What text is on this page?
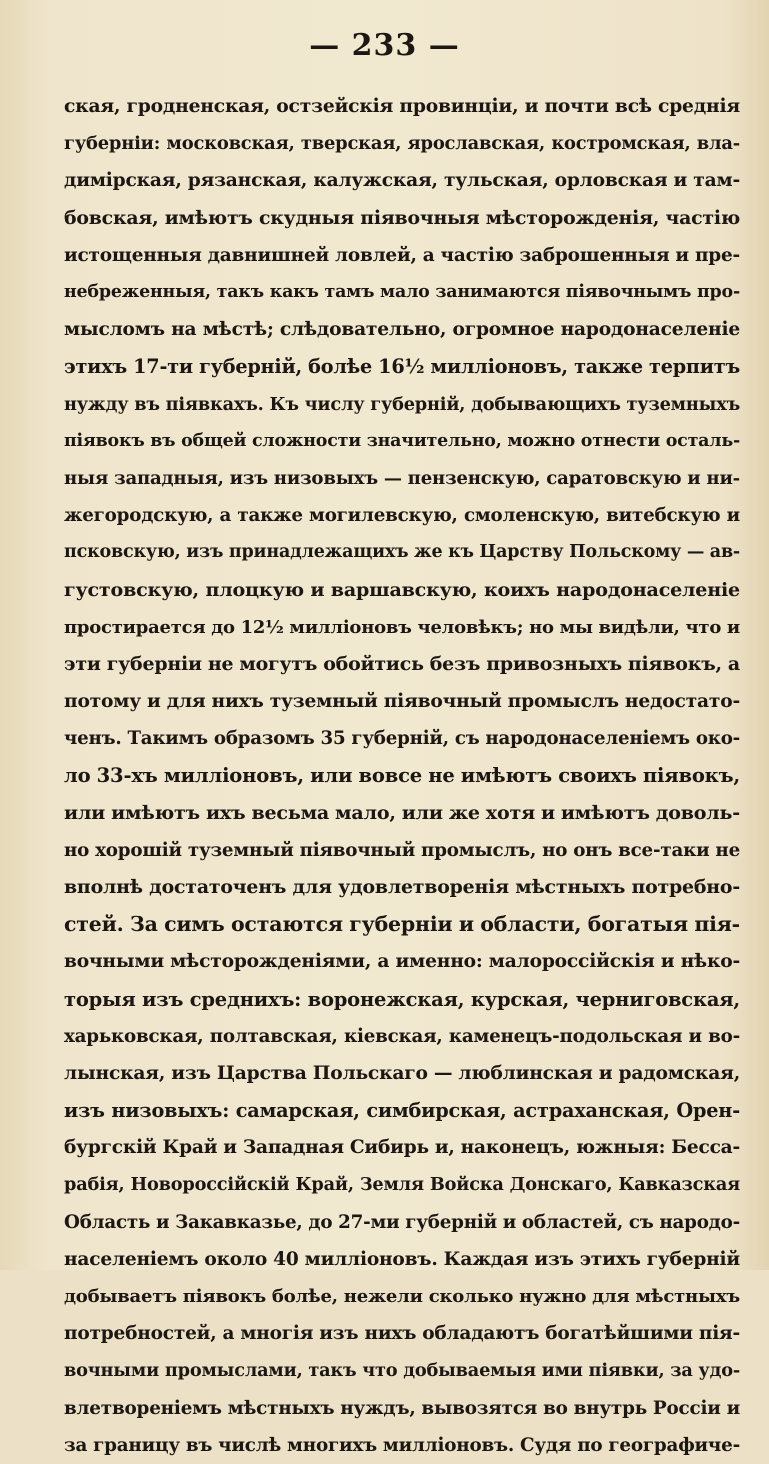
— 233 —
ская, гродненская, остзейскія провинціи, и почти всѣ среднія
губерніи: московская, тверская, ярославская, костромская, вла-
димірская, рязанская, калужская, тульская, орловская и там-
бовская, имѣютъ скудныя піявочныя мѣсторожденія, частію
истощенныя давнишней ловлей, а частію заброшенныя и пре-
небреженныя, такъ какъ тамъ мало занимаются піявочнымъ про-
мысломъ на мѣстѣ; слѣдовательно, огромное народонаселеніе
этихъ 17-ти губерній, болѣе 16½ милліоновъ, также терпитъ
нужду въ піявкахъ. Къ числу губерній, добывающихъ туземныхъ
піявокъ въ общей сложности значительно, можно отнести осталь-
ныя западныя, изъ низовыхъ — пензенскую, саратовскую и ни-
жегородскую, а также могилевскую, смоленскую, витебскую и
псковскую, изъ принадлежащихъ же къ Царству Польскому — ав-
густовскую, плоцкую и варшавскую, коихъ народонаселеніе
простирается до 12½ милліоновъ человѣкъ; но мы видѣли, что и
эти губерніи не могутъ обойтись безъ привозныхъ піявокъ, а
потому и для нихъ туземный піявочный промыслъ недостато-
ченъ. Такимъ образомъ 35 губерній, съ народонаселеніемъ око-
ло 33-хъ милліоновъ, или вовсе не имѣютъ своихъ піявокъ,
или имѣютъ ихъ весьма мало, или же хотя и имѣютъ доволь-
но хорошій туземный піявочный промыслъ, но онъ все-таки не
вполнѣ достаточенъ для удовлетворенія мѣстныхъ потребно-
стей. За симъ остаются губерніи и области, богатыя пія-
вочными мѣсторожденіями, а именно: малороссійскія и нѣко-
торыя изъ среднихъ: воронежская, курская, черниговская,
харьковская, полтавская, кіевская, каменецъ-подольская и во-
лынская, изъ Царства Польскаго — люблинская и радомская,
изъ низовыхъ: самарская, симбирская, астраханская, Орен-
бургскій Край и Западная Сибирь и, наконецъ, южныя: Бесса-
рабія, Новороссійскій Край, Земля Войска Донскаго, Кавказская
Область и Закавказье, до 27-ми губерній и областей, съ народо-
населеніемъ около 40 милліоновъ. Каждая изъ этихъ губерній
добываетъ піявокъ болѣе, нежели сколько нужно для мѣстныхъ
потребностей, а многія изъ нихъ обладаютъ богатѣйшими пія-
вочными промыслами, такъ что добываемыя ими піявки, за удо-
влетвореніемъ мѣстныхъ нуждъ, вывозятся во внутрь Россіи и
за границу въ числѣ многихъ милліоновъ. Судя по географиче-
